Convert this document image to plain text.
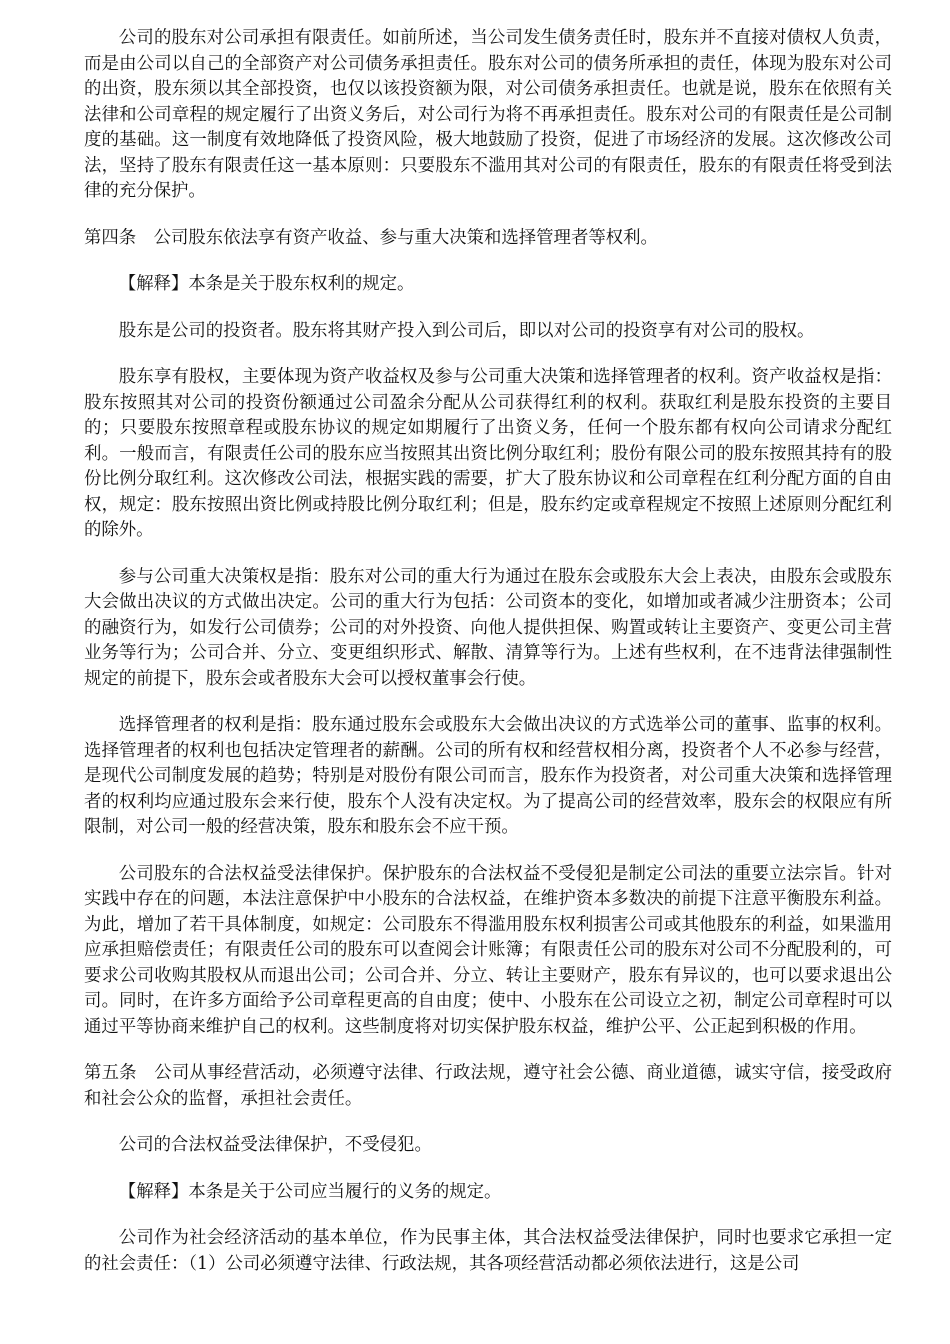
公司的股东对公司承担有限责任。如前所述，当公司发生债务责任时，股东并不直接对债权人负责，而是由公司以自己的全部资产对公司债务承担责任。股东对公司的债务所承担的责任，体现为股东对公司的出资，股东须以其全部投资，也仅以该投资额为限，对公司债务承担责任。也就是说，股东在依照有关法律和公司章程的规定履行了出资义务后，对公司行为将不再承担责任。股东对公司的有限责任是公司制度的基础。这一制度有效地降低了投资风险，极大地鼓励了投资，促进了市场经济的发展。这次修改公司法，坚持了股东有限责任这一基本原则：只要股东不滥用其对公司的有限责任，股东的有限责任将受到法律的充分保护。

第四条　公司股东依法享有资产收益、参与重大决策和选择管理者等权利。

【解释】本条是关于股东权利的规定。

股东是公司的投资者。股东将其财产投入到公司后，即以对公司的投资享有对公司的股权。

股东享有股权，主要体现为资产收益权及参与公司重大决策和选择管理者的权利。资产收益权是指：股东按照其对公司的投资份额通过公司盈余分配从公司获得红利的权利。获取红利是股东投资的主要目的；只要股东按照章程或股东协议的规定如期履行了出资义务，任何一个股东都有权向公司请求分配红利。一般而言，有限责任公司的股东应当按照其出资比例分取红利；股份有限公司的股东按照其持有的股份比例分取红利。这次修改公司法，根据实践的需要，扩大了股东协议和公司章程在红利分配方面的自由权，规定：股东按照出资比例或持股比例分取红利；但是，股东约定或章程规定不按照上述原则分配红利的除外。

参与公司重大决策权是指：股东对公司的重大行为通过在股东会或股东大会上表决，由股东会或股东大会做出决议的方式做出决定。公司的重大行为包括：公司资本的变化，如增加或者减少注册资本；公司的融资行为，如发行公司债券；公司的对外投资、向他人提供担保、购置或转让主要资产、变更公司主营业务等行为；公司合并、分立、变更组织形式、解散、清算等行为。上述有些权利，在不违背法律强制性规定的前提下，股东会或者股东大会可以授权董事会行使。

选择管理者的权利是指：股东通过股东会或股东大会做出决议的方式选举公司的董事、监事的权利。选择管理者的权利也包括决定管理者的薪酬。公司的所有权和经营权相分离，投资者个人不必参与经营，是现代公司制度发展的趋势；特别是对股份有限公司而言，股东作为投资者，对公司重大决策和选择管理者的权利均应通过股东会来行使，股东个人没有决定权。为了提高公司的经营效率，股东会的权限应有所限制，对公司一般的经营决策，股东和股东会不应干预。

公司股东的合法权益受法律保护。保护股东的合法权益不受侵犯是制定公司法的重要立法宗旨。针对实践中存在的问题，本法注意保护中小股东的合法权益，在维护资本多数决的前提下注意平衡股东利益。为此，增加了若干具体制度，如规定：公司股东不得滥用股东权利损害公司或其他股东的利益，如果滥用应承担赔偿责任；有限责任公司的股东可以查阅会计账簿；有限责任公司的股东对公司不分配股利的，可要求公司收购其股权从而退出公司；公司合并、分立、转让主要财产，股东有异议的，也可以要求退出公司。同时，在许多方面给予公司章程更高的自由度；使中、小股东在公司设立之初，制定公司章程时可以通过平等协商来维护自己的权利。这些制度将对切实保护股东权益，维护公平、公正起到积极的作用。

第五条　公司从事经营活动，必须遵守法律、行政法规，遵守社会公德、商业道德，诚实守信，接受政府和社会公众的监督，承担社会责任。

公司的合法权益受法律保护，不受侵犯。

【解释】本条是关于公司应当履行的义务的规定。

公司作为社会经济活动的基本单位，作为民事主体，其合法权益受法律保护，同时也要求它承担一定的社会责任：（1）公司必须遵守法律、行政法规，其各项经营活动都必须依法进行，这是公司
